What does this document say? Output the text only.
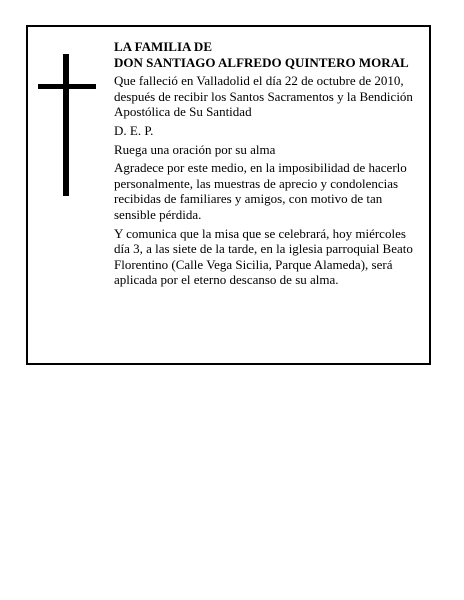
LA FAMILIA DE
DON SANTIAGO ALFREDO QUINTERO MORAL

Que falleció en Valladolid el día 22 de octubre de 2010, después de recibir los Santos Sacramentos y la Bendición Apostólica de Su Santidad

D. E. P.

Ruega una oración por su alma

Agradece por este medio, en la imposibilidad de hacerlo personalmente, las muestras de aprecio y condolencias recibidas de familiares y amigos, con motivo de tan sensible pérdida.

Y comunica que la misa que se celebrará, hoy miércoles día 3, a las siete de la tarde, en la iglesia parroquial Beato Florentino (Calle Vega Sicilia, Parque Alameda), será aplicada por el eterno descanso de su alma.
